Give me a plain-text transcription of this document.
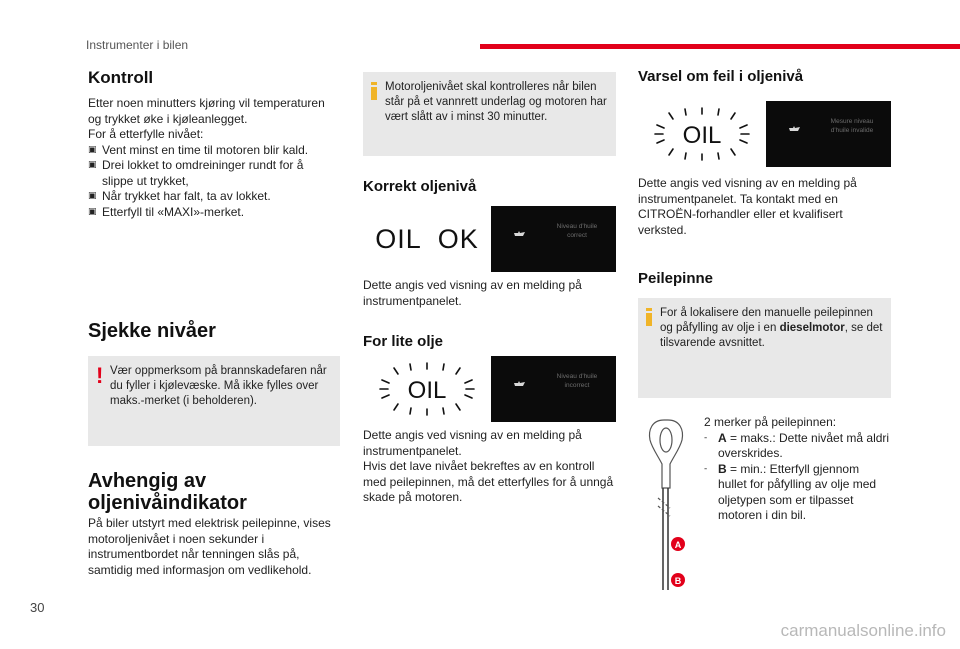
Instrumenter i bilen
Kontroll

Etter noen minutters kjøring vil temperaturen og trykket øke i kjøleanlegget.

For å etterfylle nivået:

▣ Vent minst en time til motoren blir kald.
▣ Drei lokket to omdreininger rundt for å slippe ut trykket,
▣ Når trykket har falt, ta av lokket.
▣ Etterfyll til «MAXI»-merket.
Sjekke nivåer
! Vær oppmerksom på brannskadefaren når du fyller i kjølevæske. Må ikke fylles over maks.-merket (i beholderen).
Avhengig av
oljenivåindikator
På biler utstyrt med elektrisk peilepinne, vises motoroljenivået i noen sekunder i instrumentbordet når tenningen slås på, samtidig med informasjon om vedlikehold.
Motoroljenivået skal kontrolleres når bilen står på et vannrett underlag og motoren har vært slått av i minst 30 minutter.
Korrekt oljenivå
OIL  OK	Niveau d'huile
correct
Dette angis ved visning av en melding på instrumentpanelet.
For lite olje
OIL
Niveau d'huile
incorrect

Dette angis ved visning av en melding på instrumentpanelet.

Hvis det lave nivået bekreftes av en kontroll med peilepinnen, må det etterfylles for å unngå skade på motoren.

Varsel om feil i oljenivå
OIL
Mesure niveau
d'huile invalide
Dette angis ved visning av en melding på instrumentpanelet. Ta kontakt med en CITROËN-forhandler eller et kvalifisert verksted.
Peilepinne
For å lokalisere den manuelle peilepinnen og påfylling av olje i en dieselmotor, se det tilsvarende avsnittet.
A
B

2 merker på peilepinnen:

- A = maks.: Dette nivået må aldri overskrides.
- B = min.: Etterfyll gjennom hullet for påfylling av olje med oljetypen som er tilpasset motoren i din bil.
30
carmanualsonline.info
